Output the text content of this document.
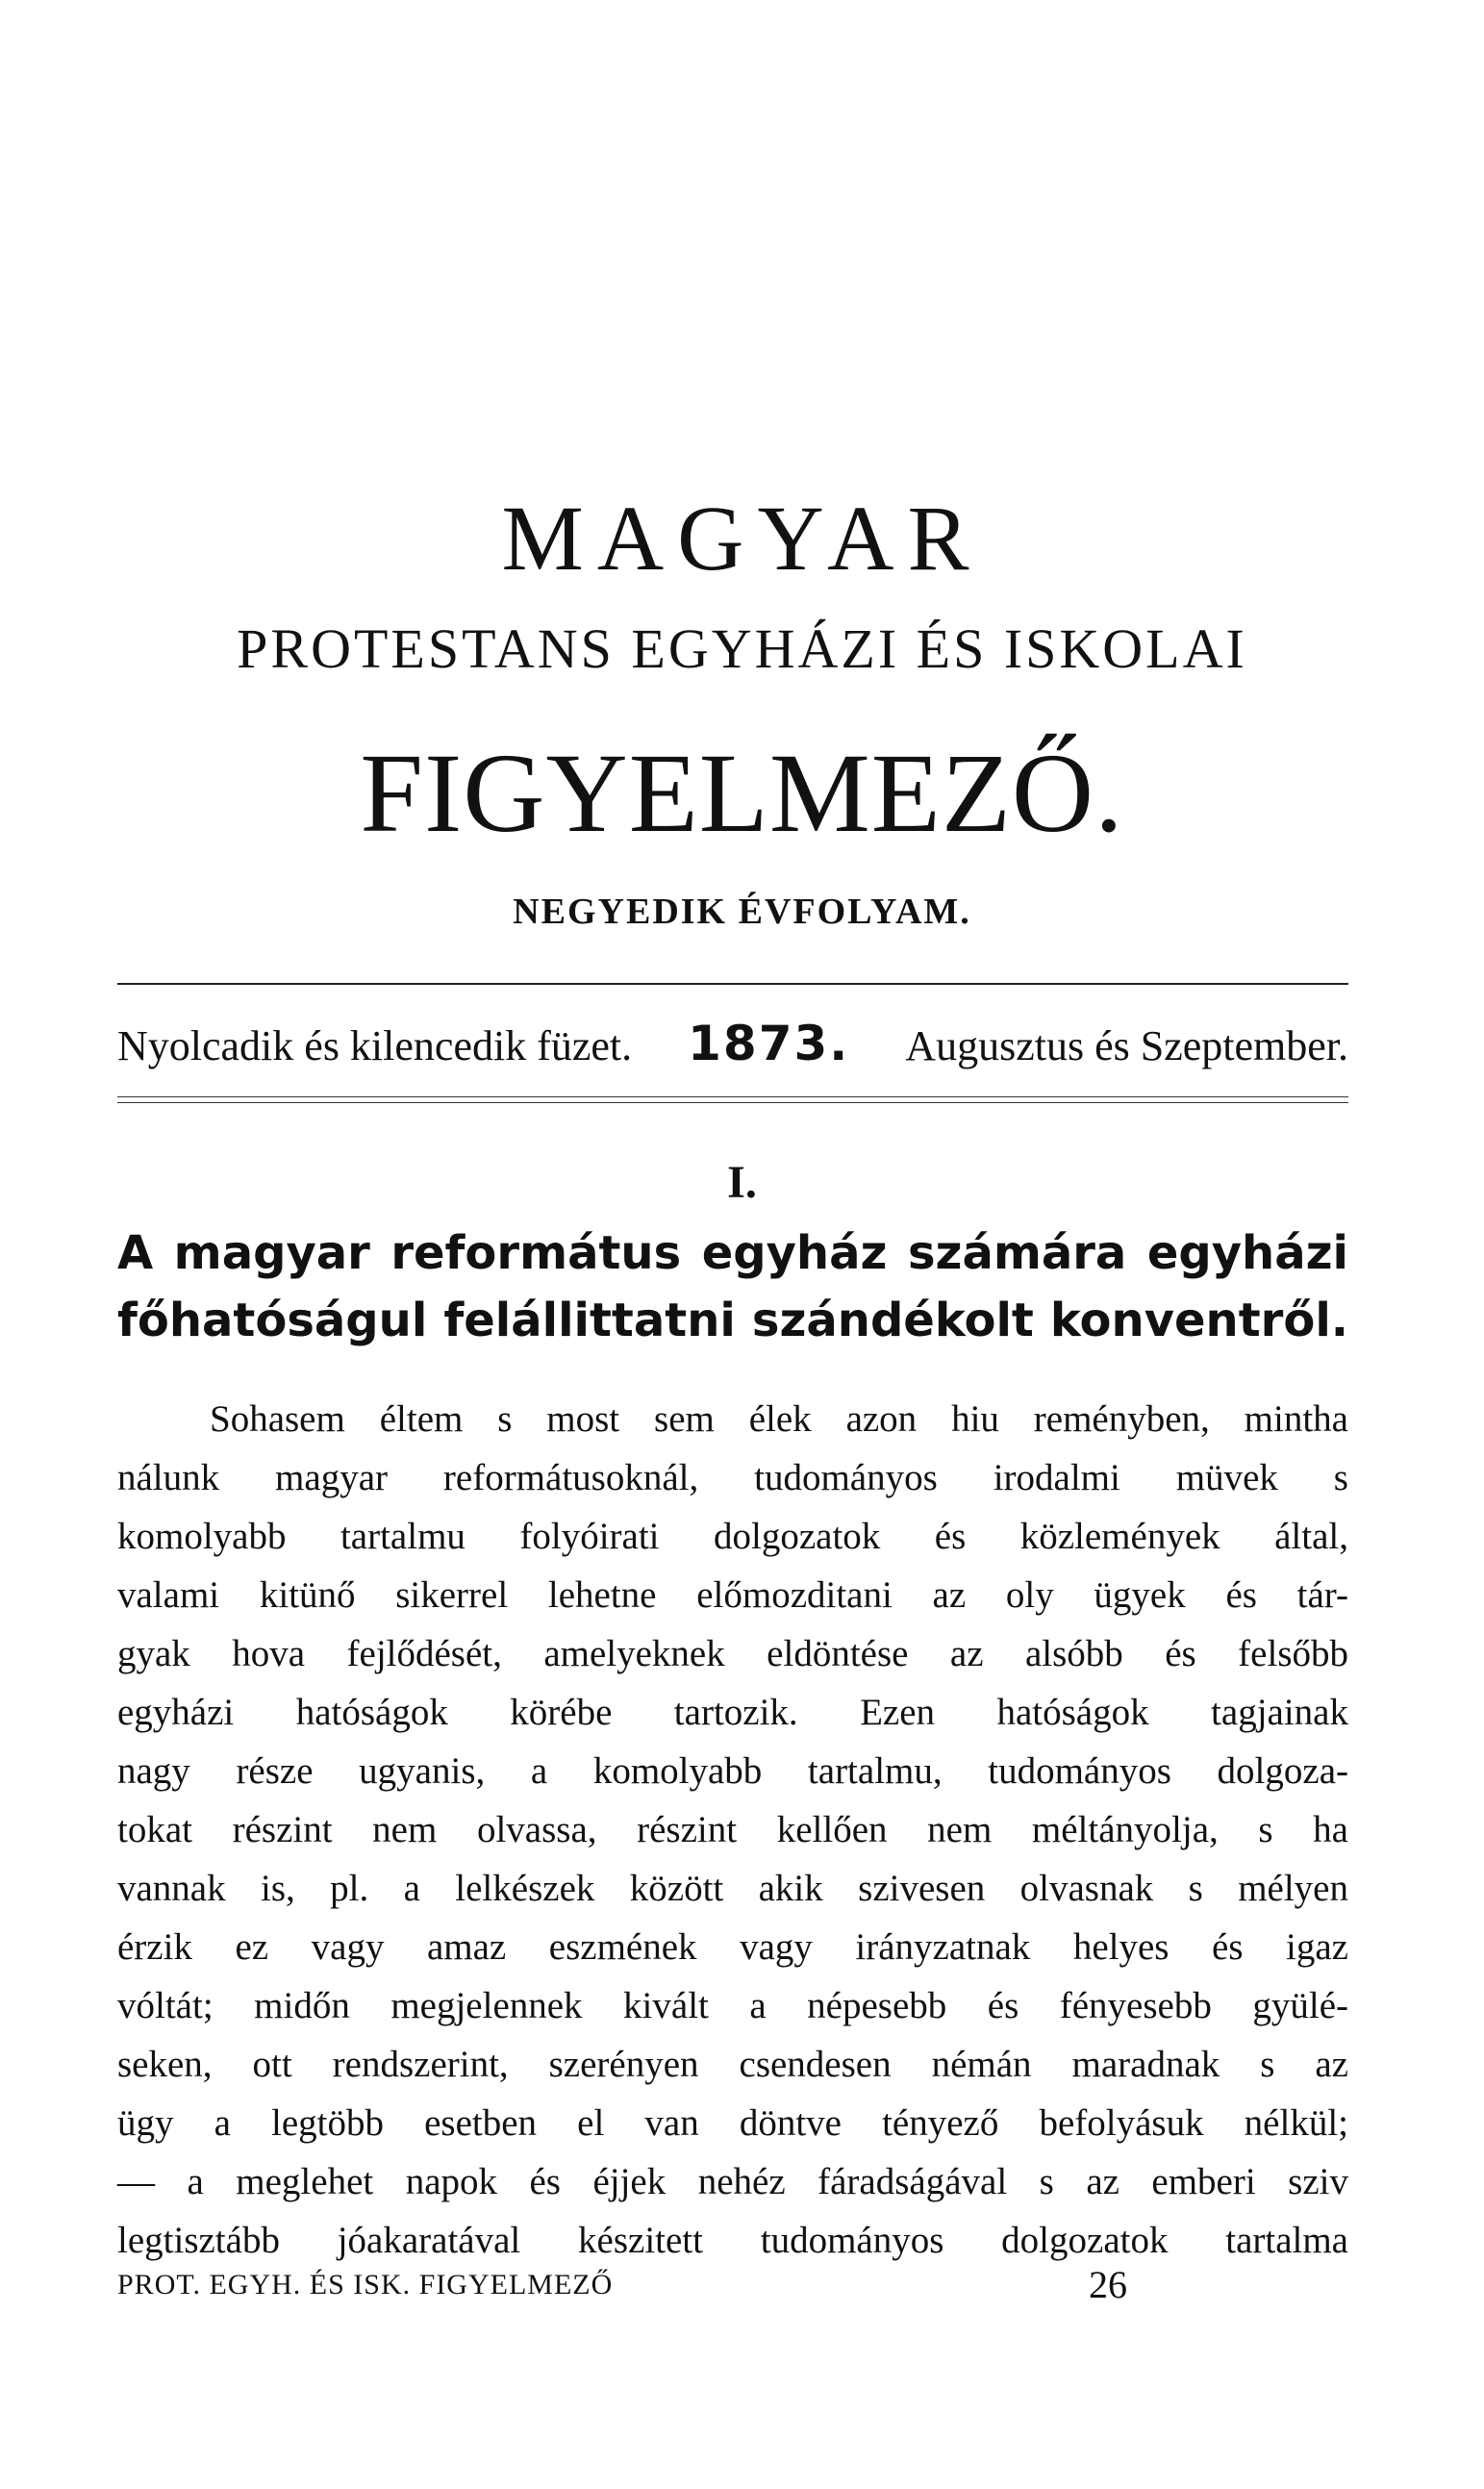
MAGYAR
PROTESTANS EGYHÁZI ÉS ISKOLAI
FIGYELMEZŐ.
NEGYEDIK ÉVFOLYAM.
Nyolcadik és kilencedik füzet. 1873. Augusztus és Szeptember.
I.
A magyar református egyház számára egyházi
főhatóságul felállittatni szándékolt konventről.
Sohasem éltem s most sem élek azon hiu reményben, mintha
nálunk magyar reformátusoknál, tudományos irodalmi müvek s
komolyabb tartalmu folyóirati dolgozatok és közlemények által,
valami kitünő sikerrel lehetne előmozditani az oly ügyek és tár-
gyak hova fejlődését, amelyeknek eldöntése az alsóbb és felsőbb
egyházi hatóságok körébe tartozik. Ezen hatóságok tagjainak
nagy része ugyanis, a komolyabb tartalmu, tudományos dolgoza-
tokat részint nem olvassa, részint kellően nem méltányolja, s ha
vannak is, pl. a lelkészek között akik szivesen olvasnak s mélyen
érzik ez vagy amaz eszmének vagy irányzatnak helyes és igaz
vóltát; midőn megjelennek kivált a népesebb és fényesebb gyülé-
seken, ott rendszerint, szerényen csendesen némán maradnak s az
ügy a legtöbb esetben el van döntve tényező befolyásuk nélkül;
— a meglehet napok és éjjek nehéz fáradságával s az emberi sziv
legtisztább jóakaratával készitett tudományos dolgozatok tartalma
PROT. EGYH. ÉS ISK. FIGYELMEZŐ	26
